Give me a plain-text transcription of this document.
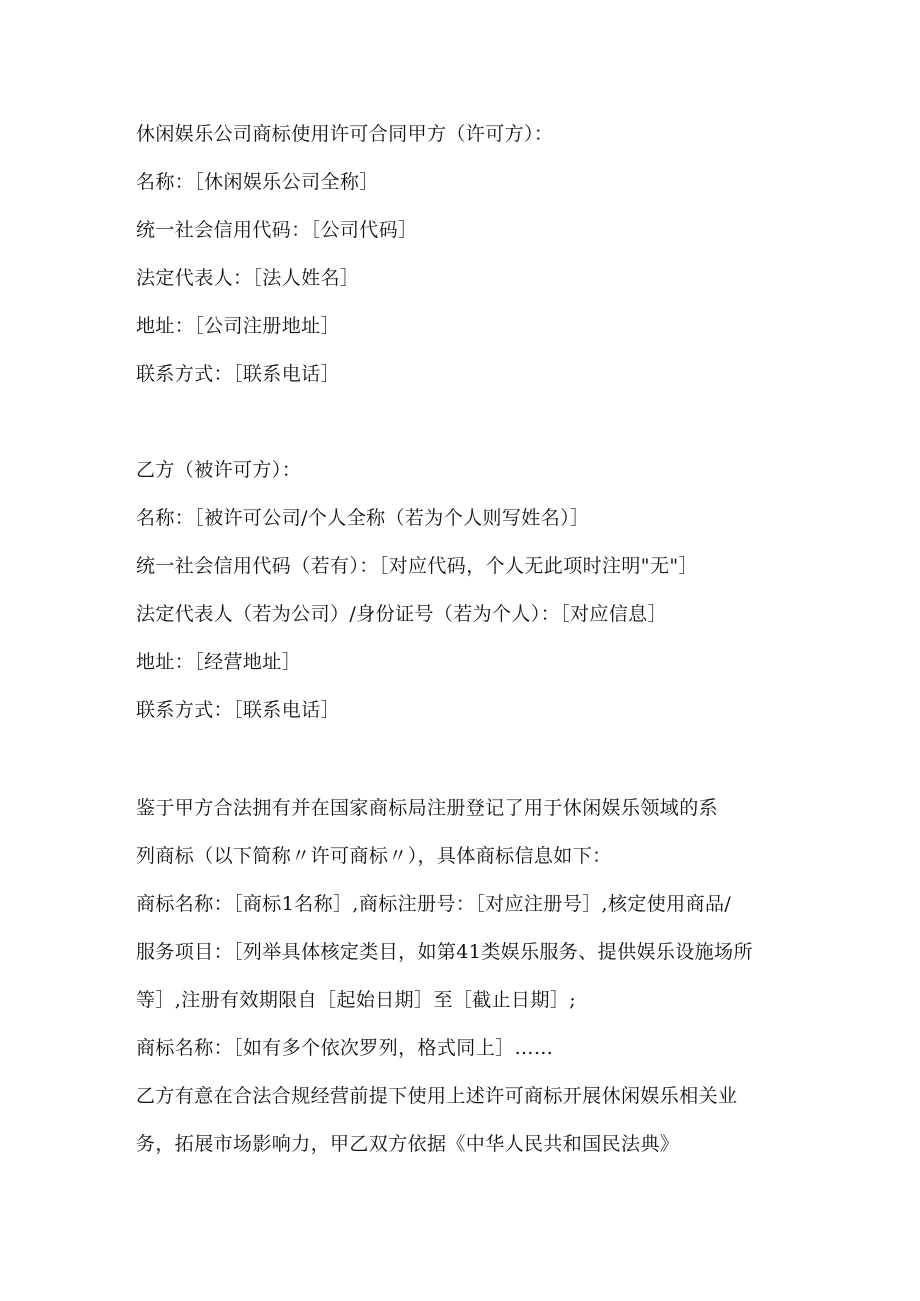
休闲娱乐公司商标使用许可合同甲方（许可方）：
名称：［休闲娱乐公司全称］
统一社会信用代码：［公司代码］
法定代表人：［法人姓名］
地址：［公司注册地址］
联系方式：［联系电话］
乙方（被许可方）：
名称：［被许可公司/个人全称（若为个人则写姓名）］
统一社会信用代码（若有）：［对应代码，个人无此项时注明"无"］
法定代表人（若为公司）/身份证号（若为个人）：［对应信息］
地址：［经营地址］
联系方式：［联系电话］
鉴于甲方合法拥有并在国家商标局注册登记了用于休闲娱乐领域的系
列商标（以下简称〃许可商标〃），具体商标信息如下：
商标名称：［商标1名称］,商标注册号：［对应注册号］,核定使用商品/
服务项目：［列举具体核定类目，如第41类娱乐服务、提供娱乐设施场所
等］,注册有效期限自［起始日期］至［截止日期］;
商标名称：［如有多个依次罗列，格式同上］……
乙方有意在合法合规经营前提下使用上述许可商标开展休闲娱乐相关业
务，拓展市场影响力，甲乙双方依据《中华人民共和国民法典》
